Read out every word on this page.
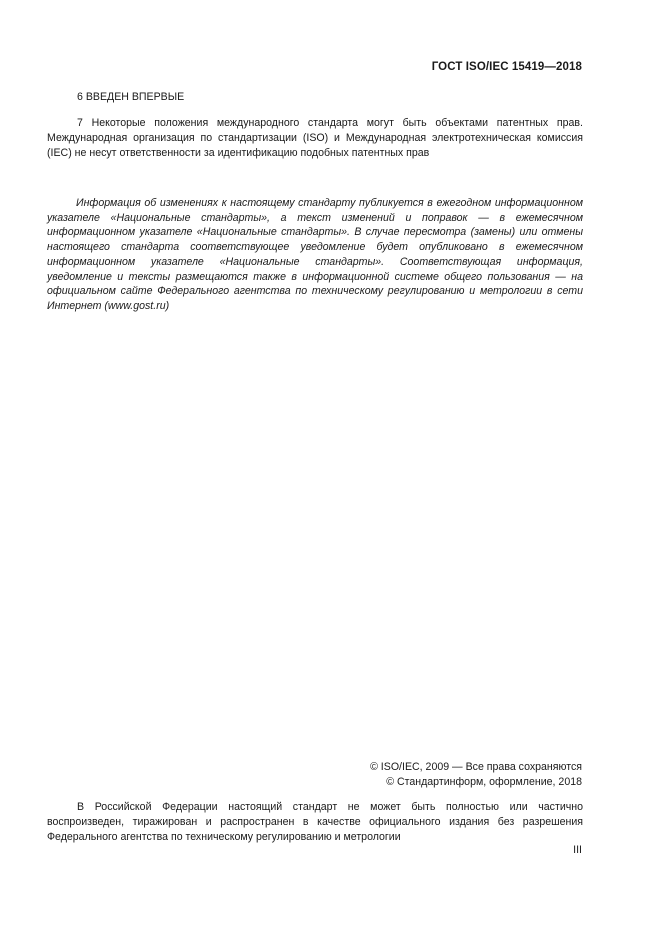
ГОСТ ISO/IEC 15419—2018

6 ВВЕДЕН ВПЕРВЫЕ

7 Некоторые положения международного стандарта могут быть объектами патентных прав. Международная организация по стандартизации (ISO) и Международная электротехническая комиссия (IEC) не несут ответственности за идентификацию подобных патентных прав

Информация об изменениях к настоящему стандарту публикуется в ежегодном информационном указателе «Национальные стандарты», а текст изменений и поправок — в ежемесячном информационном указателе «Национальные стандарты». В случае пересмотра (замены) или отмены настоящего стандарта соответствующее уведомление будет опубликовано в ежемесячном информационном указателе «Национальные стандарты». Соответствующая информация, уведомление и тексты размещаются также в информационной системе общего пользования — на официальном сайте Федерального агентства по техническому регулированию и метрологии в сети Интернет (www.gost.ru)

© ISO/IEC, 2009 — Все права сохраняются
© Стандартинформ, оформление, 2018

В Российской Федерации настоящий стандарт не может быть полностью или частично воспроизведен, тиражирован и распространен в качестве официального издания без разрешения Федерального агентства по техническому регулированию и метрологии

III
